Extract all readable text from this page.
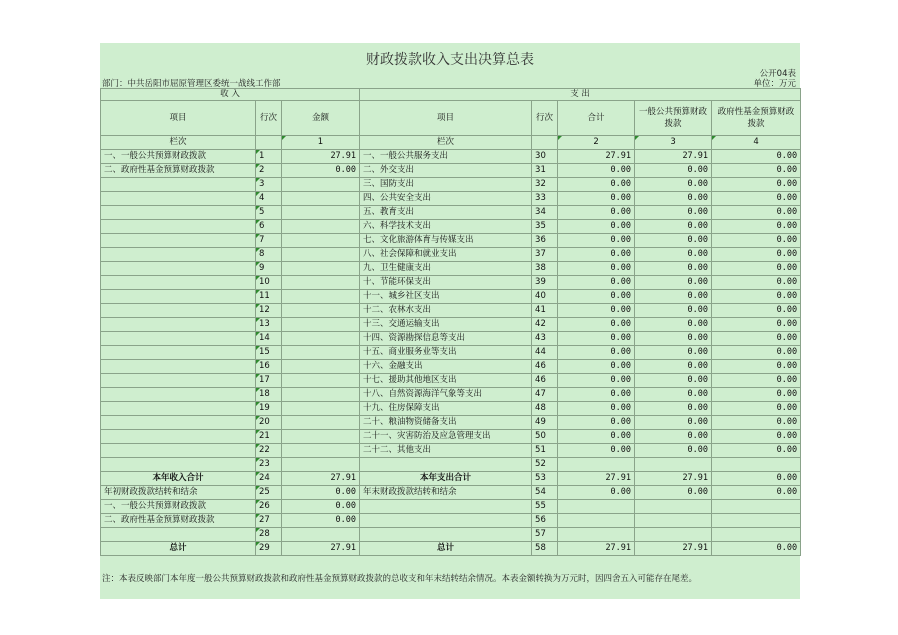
财政拨款收入支出决算总表
公开04表
部门：中共岳阳市屈原管理区委统一战线工作部	单位：万元
收 入			支 出				
项目	行次	金额	项目	行次	合计	一般公共预算财政拨款	政府性基金预算财政拨款
栏次		1	栏次		2	3	4
一、一般公共预算财政拨款	1	27.91	一、一般公共服务支出	30	27.91	27.91	0.00
二、政府性基金预算财政拨款	2	0.00	二、外交支出	31	0.00	0.00	0.00
	3		三、国防支出	32	0.00	0.00	0.00
	4		四、公共安全支出	33	0.00	0.00	0.00
	5		五、教育支出	34	0.00	0.00	0.00
	6		六、科学技术支出	35	0.00	0.00	0.00
	7		七、文化旅游体育与传媒支出	36	0.00	0.00	0.00
	8		八、社会保障和就业支出	37	0.00	0.00	0.00
	9		九、卫生健康支出	38	0.00	0.00	0.00
	10		十、节能环保支出	39	0.00	0.00	0.00
	11		十一、城乡社区支出	40	0.00	0.00	0.00
	12		十二、农林水支出	41	0.00	0.00	0.00
	13		十三、交通运输支出	42	0.00	0.00	0.00
	14		十四、资源勘探信息等支出	43	0.00	0.00	0.00
	15		十五、商业服务业等支出	44	0.00	0.00	0.00
	16		十六、金融支出	46	0.00	0.00	0.00
	17		十七、援助其他地区支出	46	0.00	0.00	0.00
	18		十八、自然资源海洋气象等支出	47	0.00	0.00	0.00
	19		十九、住房保障支出	48	0.00	0.00	0.00
	20		二十、粮油物资储备支出	49	0.00	0.00	0.00
	21		二十一、灾害防治及应急管理支出	50	0.00	0.00	0.00
	22		二十二、其他支出	51	0.00	0.00	0.00
	23			52			
本年收入合计	24	27.91	本年支出合计	53	27.91	27.91	0.00
年初财政拨款结转和结余	25	0.00	年末财政拨款结转和结余	54	0.00	0.00	0.00
一、一般公共预算财政拨款	26	0.00		55			
二、政府性基金预算财政拨款	27	0.00		56			
	28			57			
总计	29	27.91	总计	58	27.91	27.91	0.00
注：本表反映部门本年度一般公共预算财政拨款和政府性基金预算财政拨款的总收支和年末结转结余情况。本表金额转换为万元时，因四舍五入可能存在尾差。
